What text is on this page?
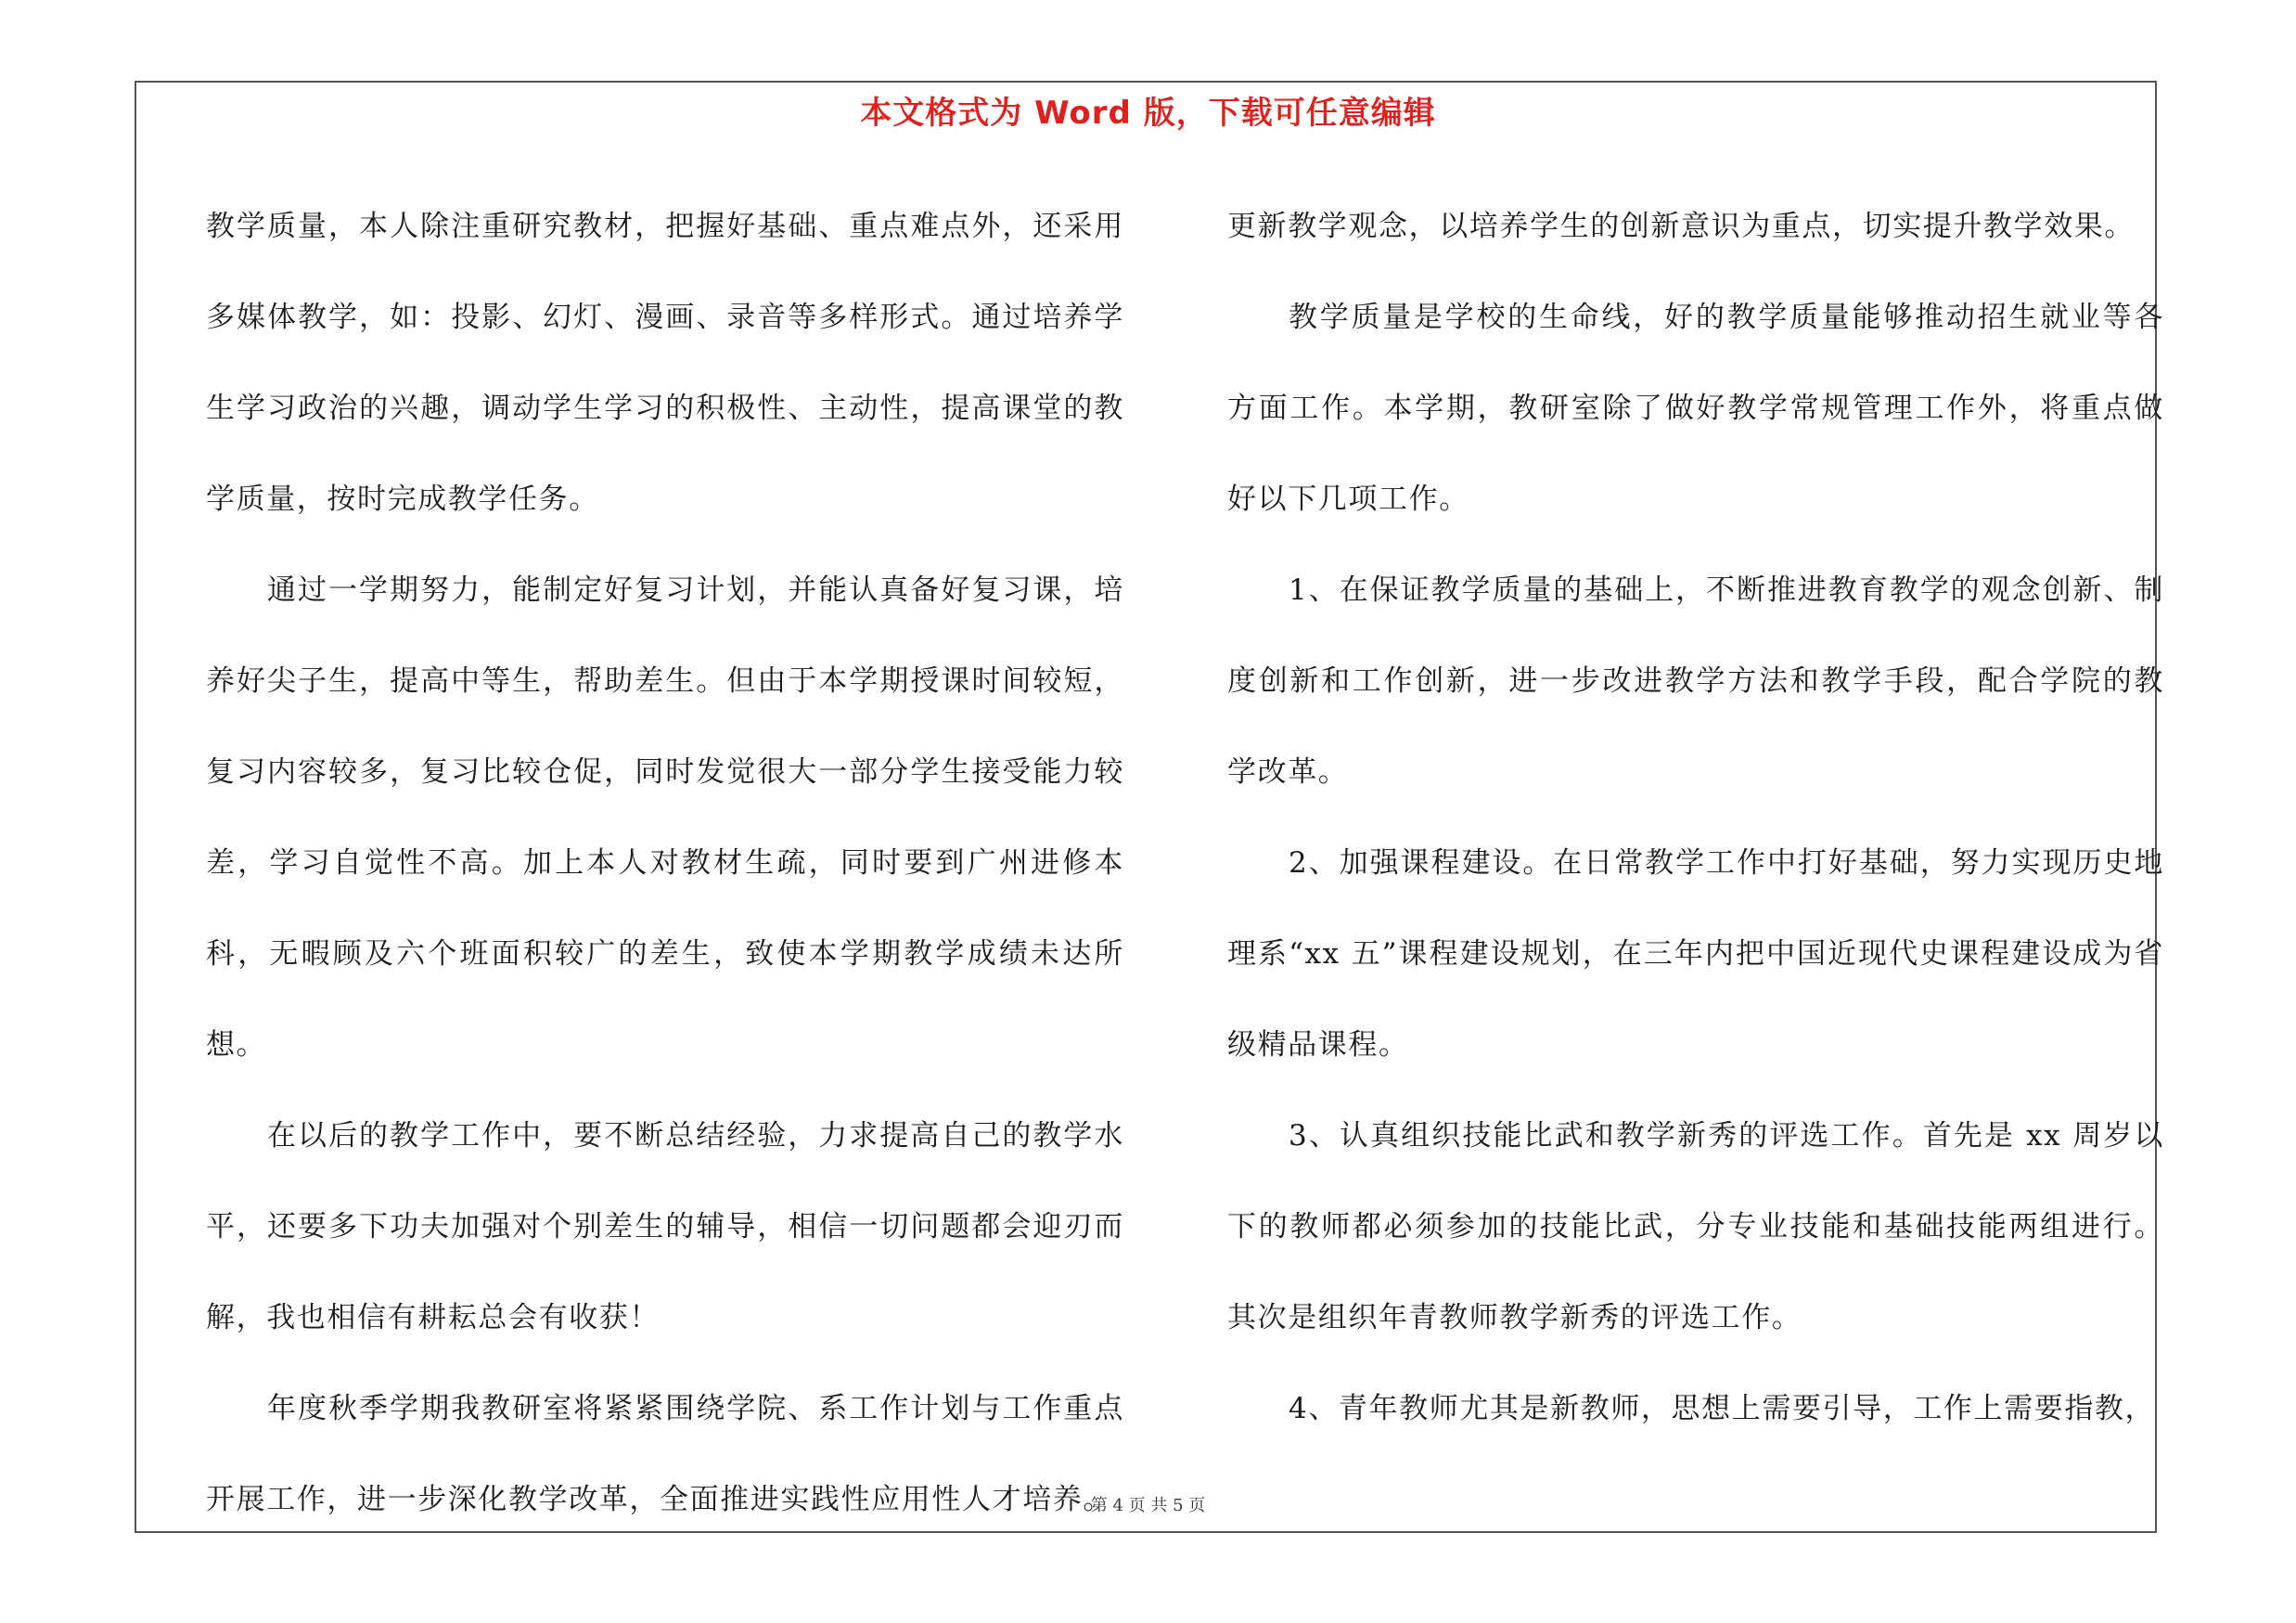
本文格式为 Word 版，下载可任意编辑

教学质量，本人除注重研究教材，把握好基础、重点难点外，还采用多媒体教学，如：投影、幻灯、漫画、录音等多样形式。通过培养学生学习政治的兴趣，调动学生学习的积极性、主动性，提高课堂的教学质量，按时完成教学任务。

通过一学期努力，能制定好复习计划，并能认真备好复习课，培养好尖子生，提高中等生，帮助差生。但由于本学期授课时间较短，复习内容较多，复习比较仓促，同时发觉很大一部分学生接受能力较差，学习自觉性不高。加上本人对教材生疏，同时要到广州进修本科，无暇顾及六个班面积较广的差生，致使本学期教学成绩未达所想。

在以后的教学工作中，要不断总结经验，力求提高自己的教学水平，还要多下功夫加强对个别差生的辅导，相信一切问题都会迎刃而解，我也相信有耕耘总会有收获！

年度秋季学期我教研室将紧紧围绕学院、系工作计划与工作重点开展工作，进一步深化教学改革，全面推进实践性应用性人才培养。

更新教学观念，以培养学生的创新意识为重点，切实提升教学效果。

教学质量是学校的生命线，好的教学质量能够推动招生就业等各方面工作。本学期，教研室除了做好教学常规管理工作外，将重点做好以下几项工作。

1、在保证教学质量的基础上，不断推进教育教学的观念创新、制度创新和工作创新，进一步改进教学方法和教学手段，配合学院的教学改革。

2、加强课程建设。在日常教学工作中打好基础，努力实现历史地理系“xx 五”课程建设规划，在三年内把中国近现代史课程建设成为省级精品课程。

3、认真组织技能比武和教学新秀的评选工作。首先是 xx 周岁以下的教师都必须参加的技能比武，分专业技能和基础技能两组进行。其次是组织年青教师教学新秀的评选工作。

4、青年教师尤其是新教师，思想上需要引导，工作上需要指教，

第 4 页 共 5 页
